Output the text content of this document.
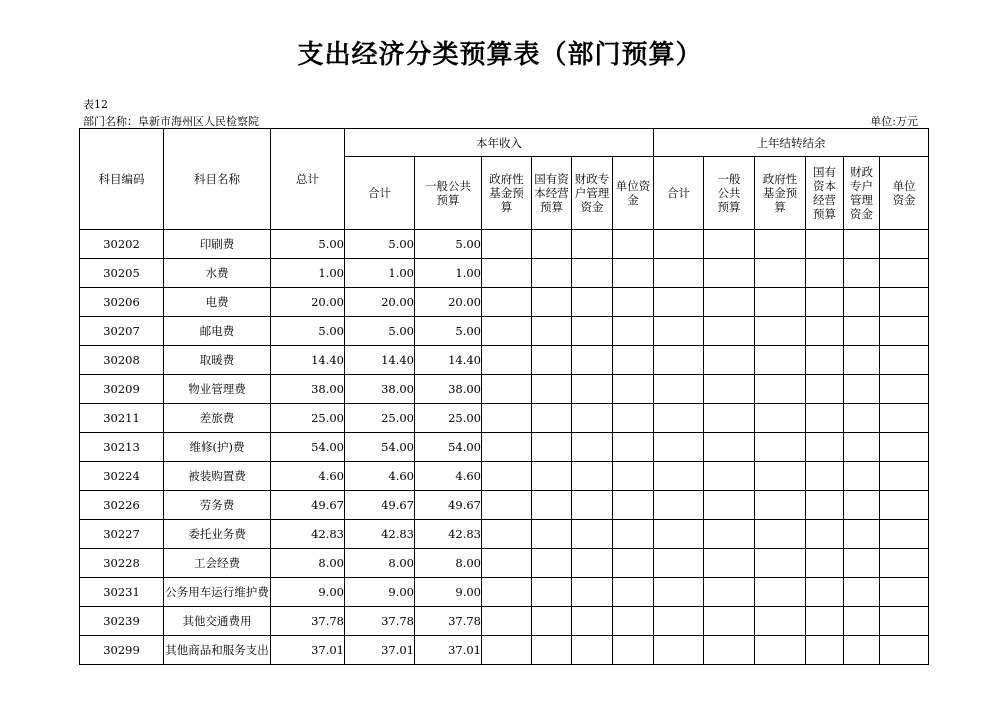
支出经济分类预算表（部门预算）
表12
部门名称：阜新市海州区人民检察院	单位:万元
科目编码	科目名称	总计	本年收入						上年结转结余					
			合计	一般公共预算	政府性基金预算	国有资本经营预算	财政专户管理资金	单位资金	合计	一般公共预算	政府性基金预算	国有资本经营预算	财政专户管理资金	单位资金
30202	印刷费	5.00	5.00	5.00										
30205	水费	1.00	1.00	1.00										
30206	电费	20.00	20.00	20.00										
30207	邮电费	5.00	5.00	5.00										
30208	取暖费	14.40	14.40	14.40										
30209	物业管理费	38.00	38.00	38.00										
30211	差旅费	25.00	25.00	25.00										
30213	维修(护)费	54.00	54.00	54.00										
30224	被装购置费	4.60	4.60	4.60										
30226	劳务费	49.67	49.67	49.67										
30227	委托业务费	42.83	42.83	42.83										
30228	工会经费	8.00	8.00	8.00										
30231	公务用车运行维护费	9.00	9.00	9.00										
30239	其他交通费用	37.78	37.78	37.78										
30299	其他商品和服务支出	37.01	37.01	37.01										
